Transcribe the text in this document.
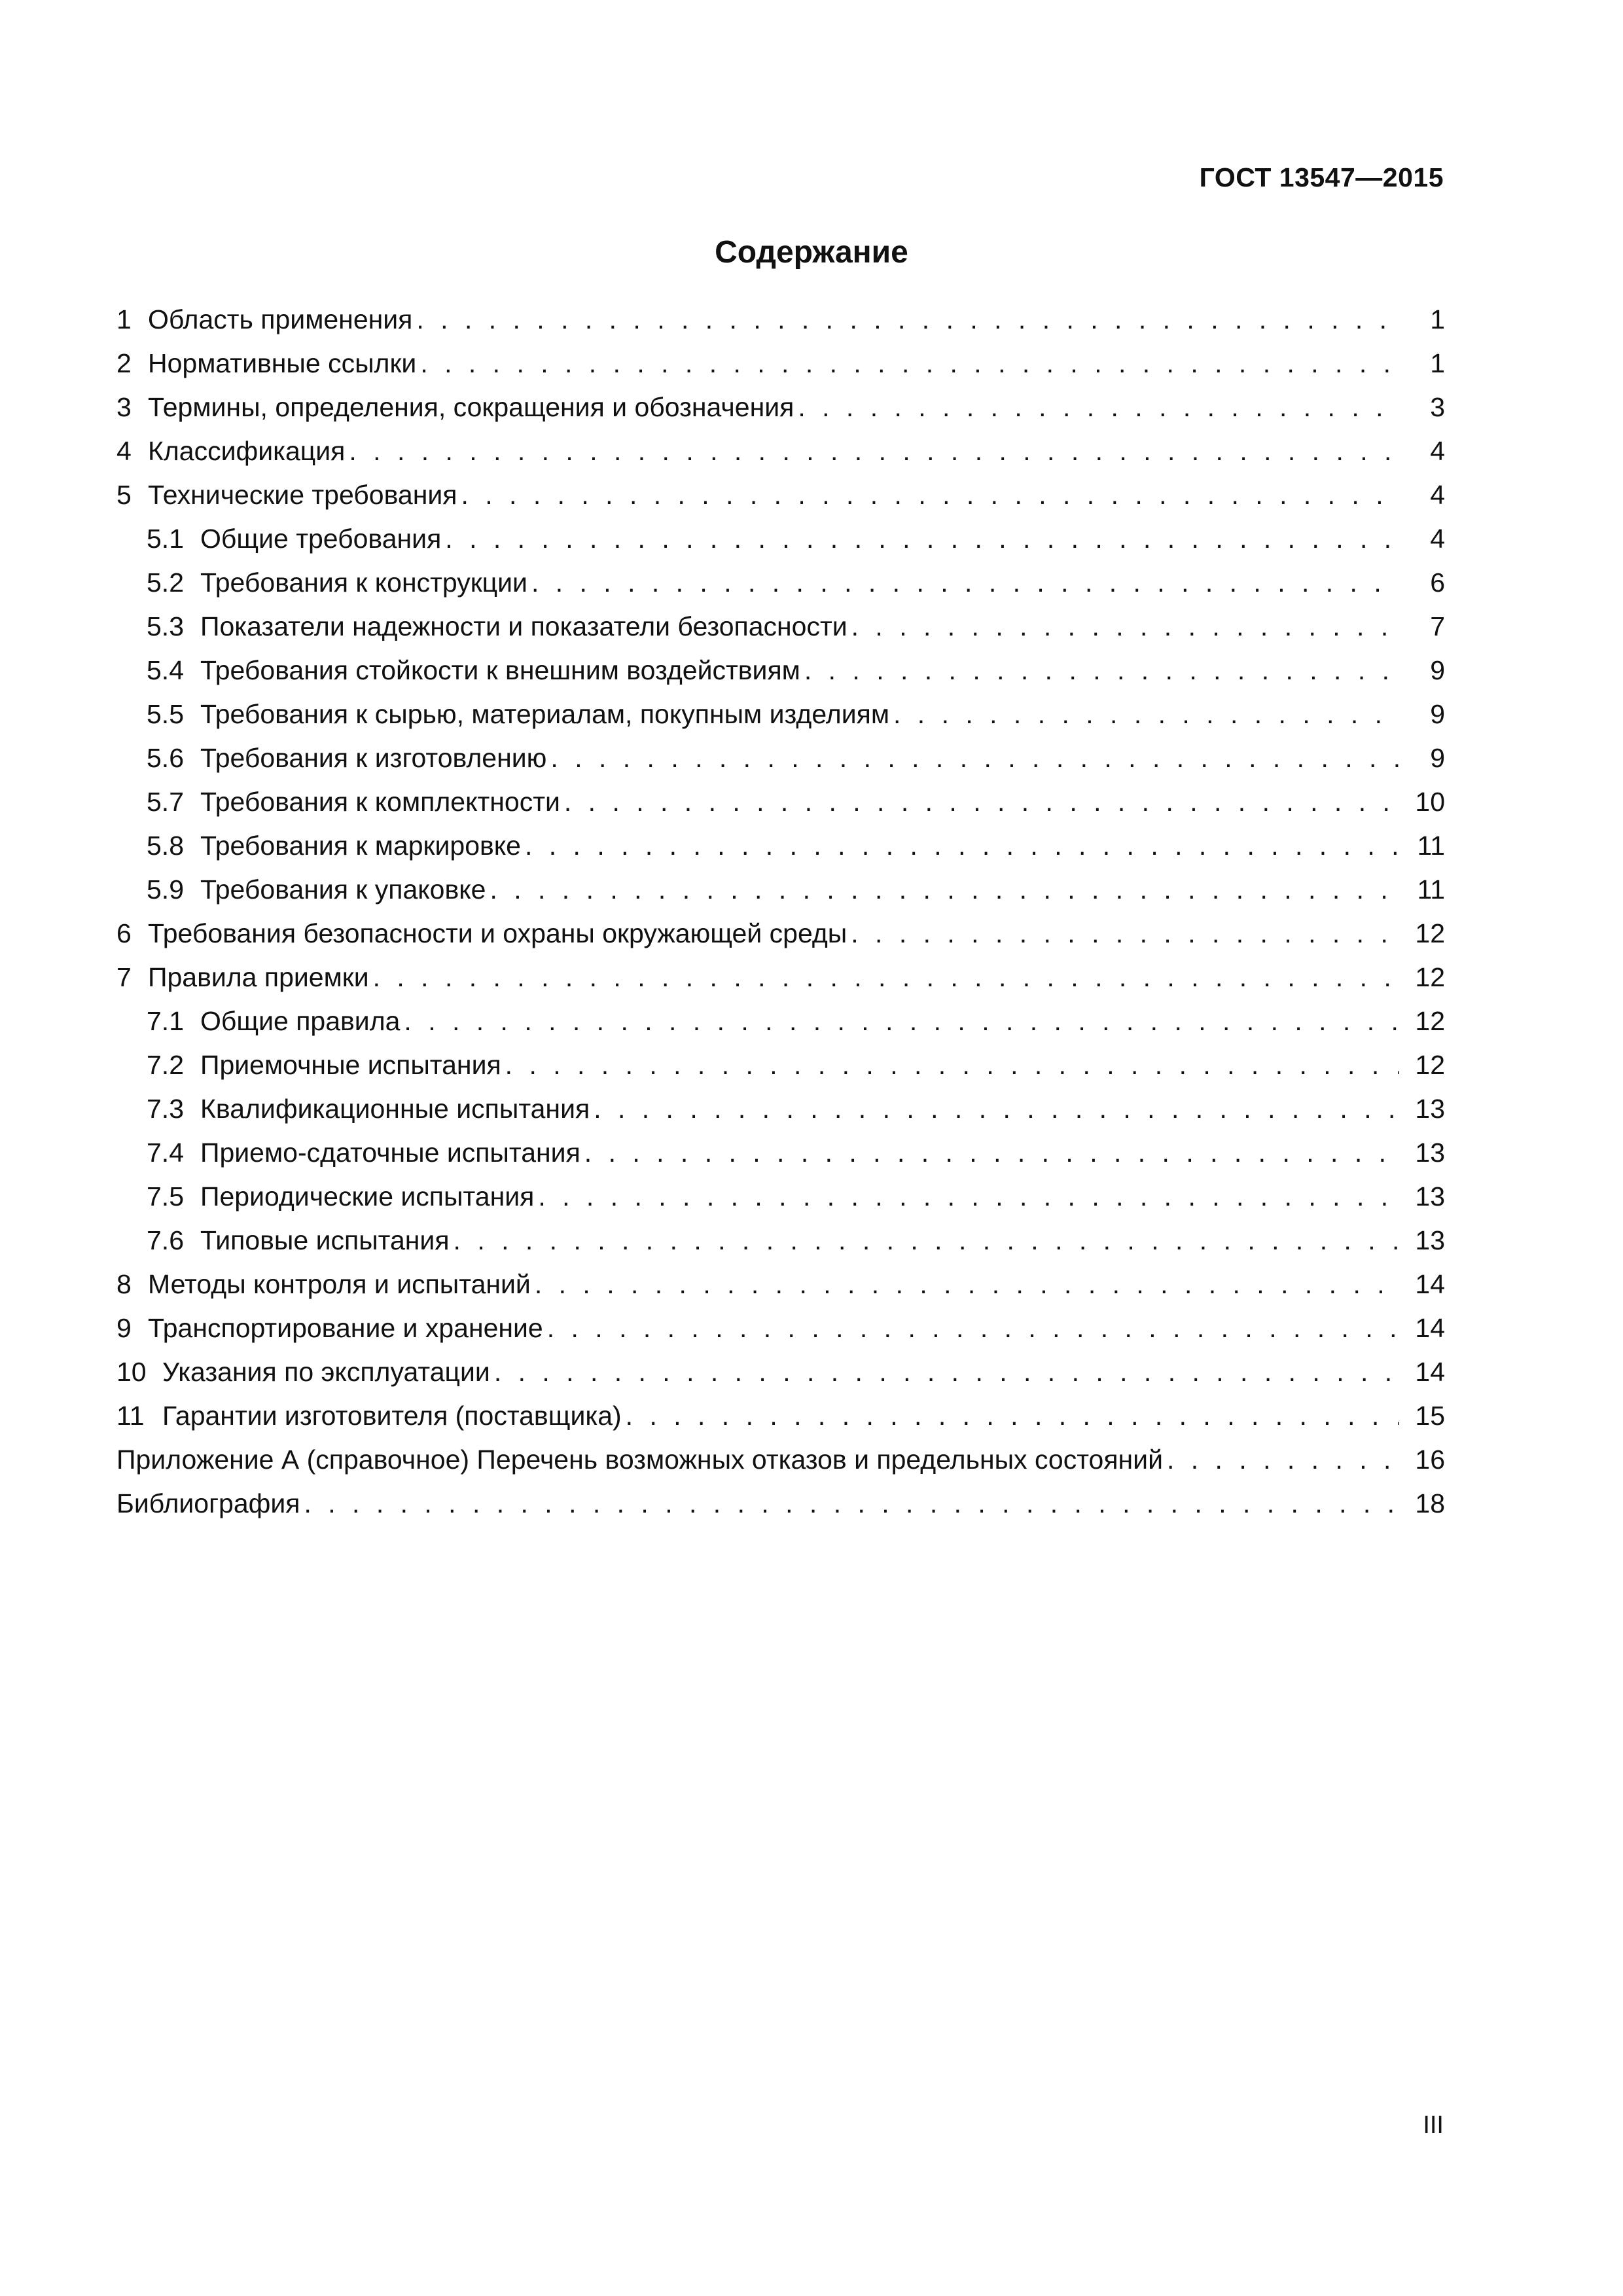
ГОСТ 13547—2015
Содержание
1 Область применения . . .	1
2 Нормативные ссылки . . .	1
3 Термины, определения, сокращения и обозначения . . .	3
4 Классификация . . .	4
5 Технические требования . . .	4
5.1 Общие требования . . .	4
5.2 Требования к конструкции . . .	6
5.3 Показатели надежности и показатели безопасности . . .	7
5.4 Требования стойкости к внешним воздействиям . . .	9
5.5 Требования к сырью, материалам, покупным изделиям . . .	9
5.6 Требования к изготовлению . . .	9
5.7 Требования к комплектности . . .	10
5.8 Требования к маркировке . . .	11
5.9 Требования к упаковке . . .	11
6 Требования безопасности и охраны окружающей среды . . .	12
7 Правила приемки . . .	12
7.1 Общие правила . . .	12
7.2 Приемочные испытания . . .	12
7.3 Квалификационные испытания . . .	13
7.4 Приемо-сдаточные испытания . . .	13
7.5 Периодические испытания . . .	13
7.6 Типовые испытания . . .	13
8 Методы контроля и испытаний . . .	14
9 Транспортирование и хранение . . .	14
10 Указания по эксплуатации . . .	14
11 Гарантии изготовителя (поставщика) . . .	15
Приложение А (справочное) Перечень возможных отказов и предельных состояний . . .	16
Библиография . . .	18
III
